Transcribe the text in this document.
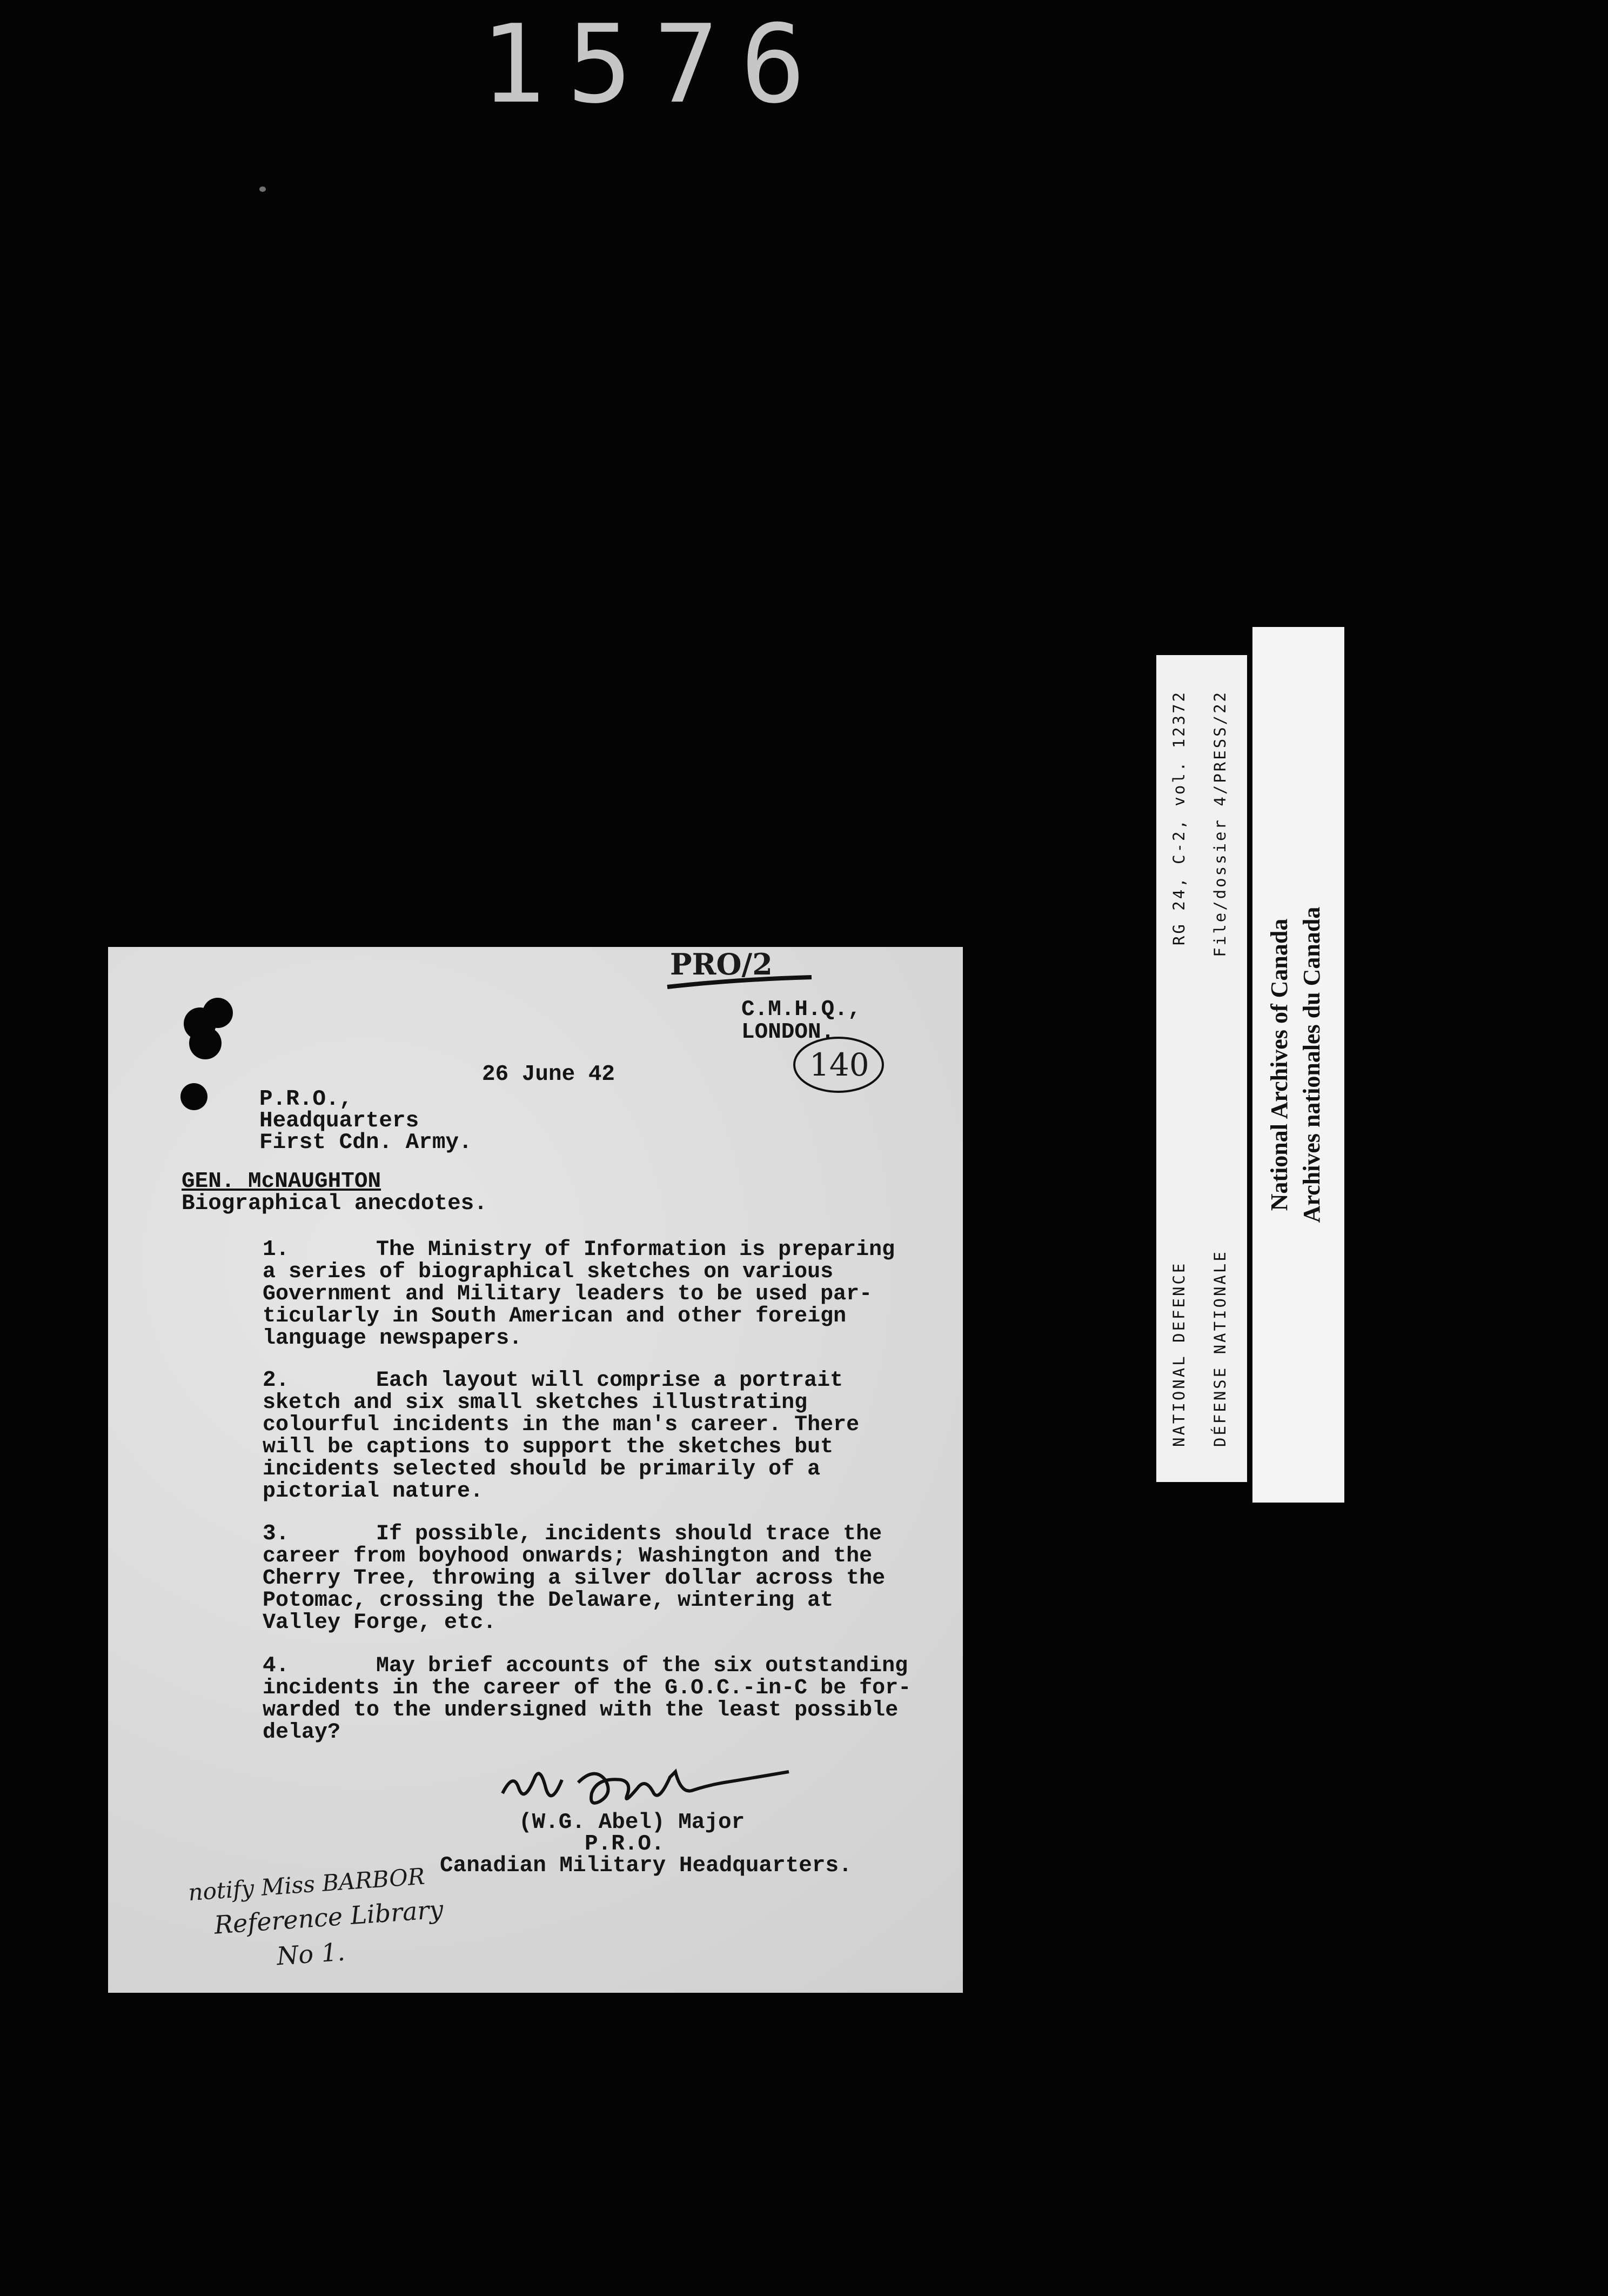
1576
RG 24, C-2, vol. 12372
NATIONAL DEFENCE
File/dossier 4/PRESS/22
DÉFENSE NATIONALE
National Archives of Canada Archives nationales du Canada
PRO/2
C.M.H.Q.,
LONDON.
140
26 June 42
P.R.O.,
Headquarters
First Cdn. Army.
GEN. McNAUGHTON
Biographical anecdotes.
1.	The Ministry of Information is preparing
a series of biographical sketches on various
Government and Military leaders to be used par-
ticularly in South American and other foreign
language newspapers.
2.	Each layout will comprise a portrait
sketch and six small sketches illustrating
colourful incidents in the man's career. There
will be captions to support the sketches but
incidents selected should be primarily of a
pictorial nature.
3.	If possible, incidents should trace the
career from boyhood onwards; Washington and the
Cherry Tree, throwing a silver dollar across the
Potomac, crossing the Delaware, wintering at
Valley Forge, etc.
4.	May brief accounts of the six outstanding
incidents in the career of the G.O.C.-in-C be for-
warded to the undersigned with the least possible
delay?
(W.G. Abel) Major
P.R.O.
Canadian Military Headquarters.
notify Miss BARBOR
Reference Library
No 1.
